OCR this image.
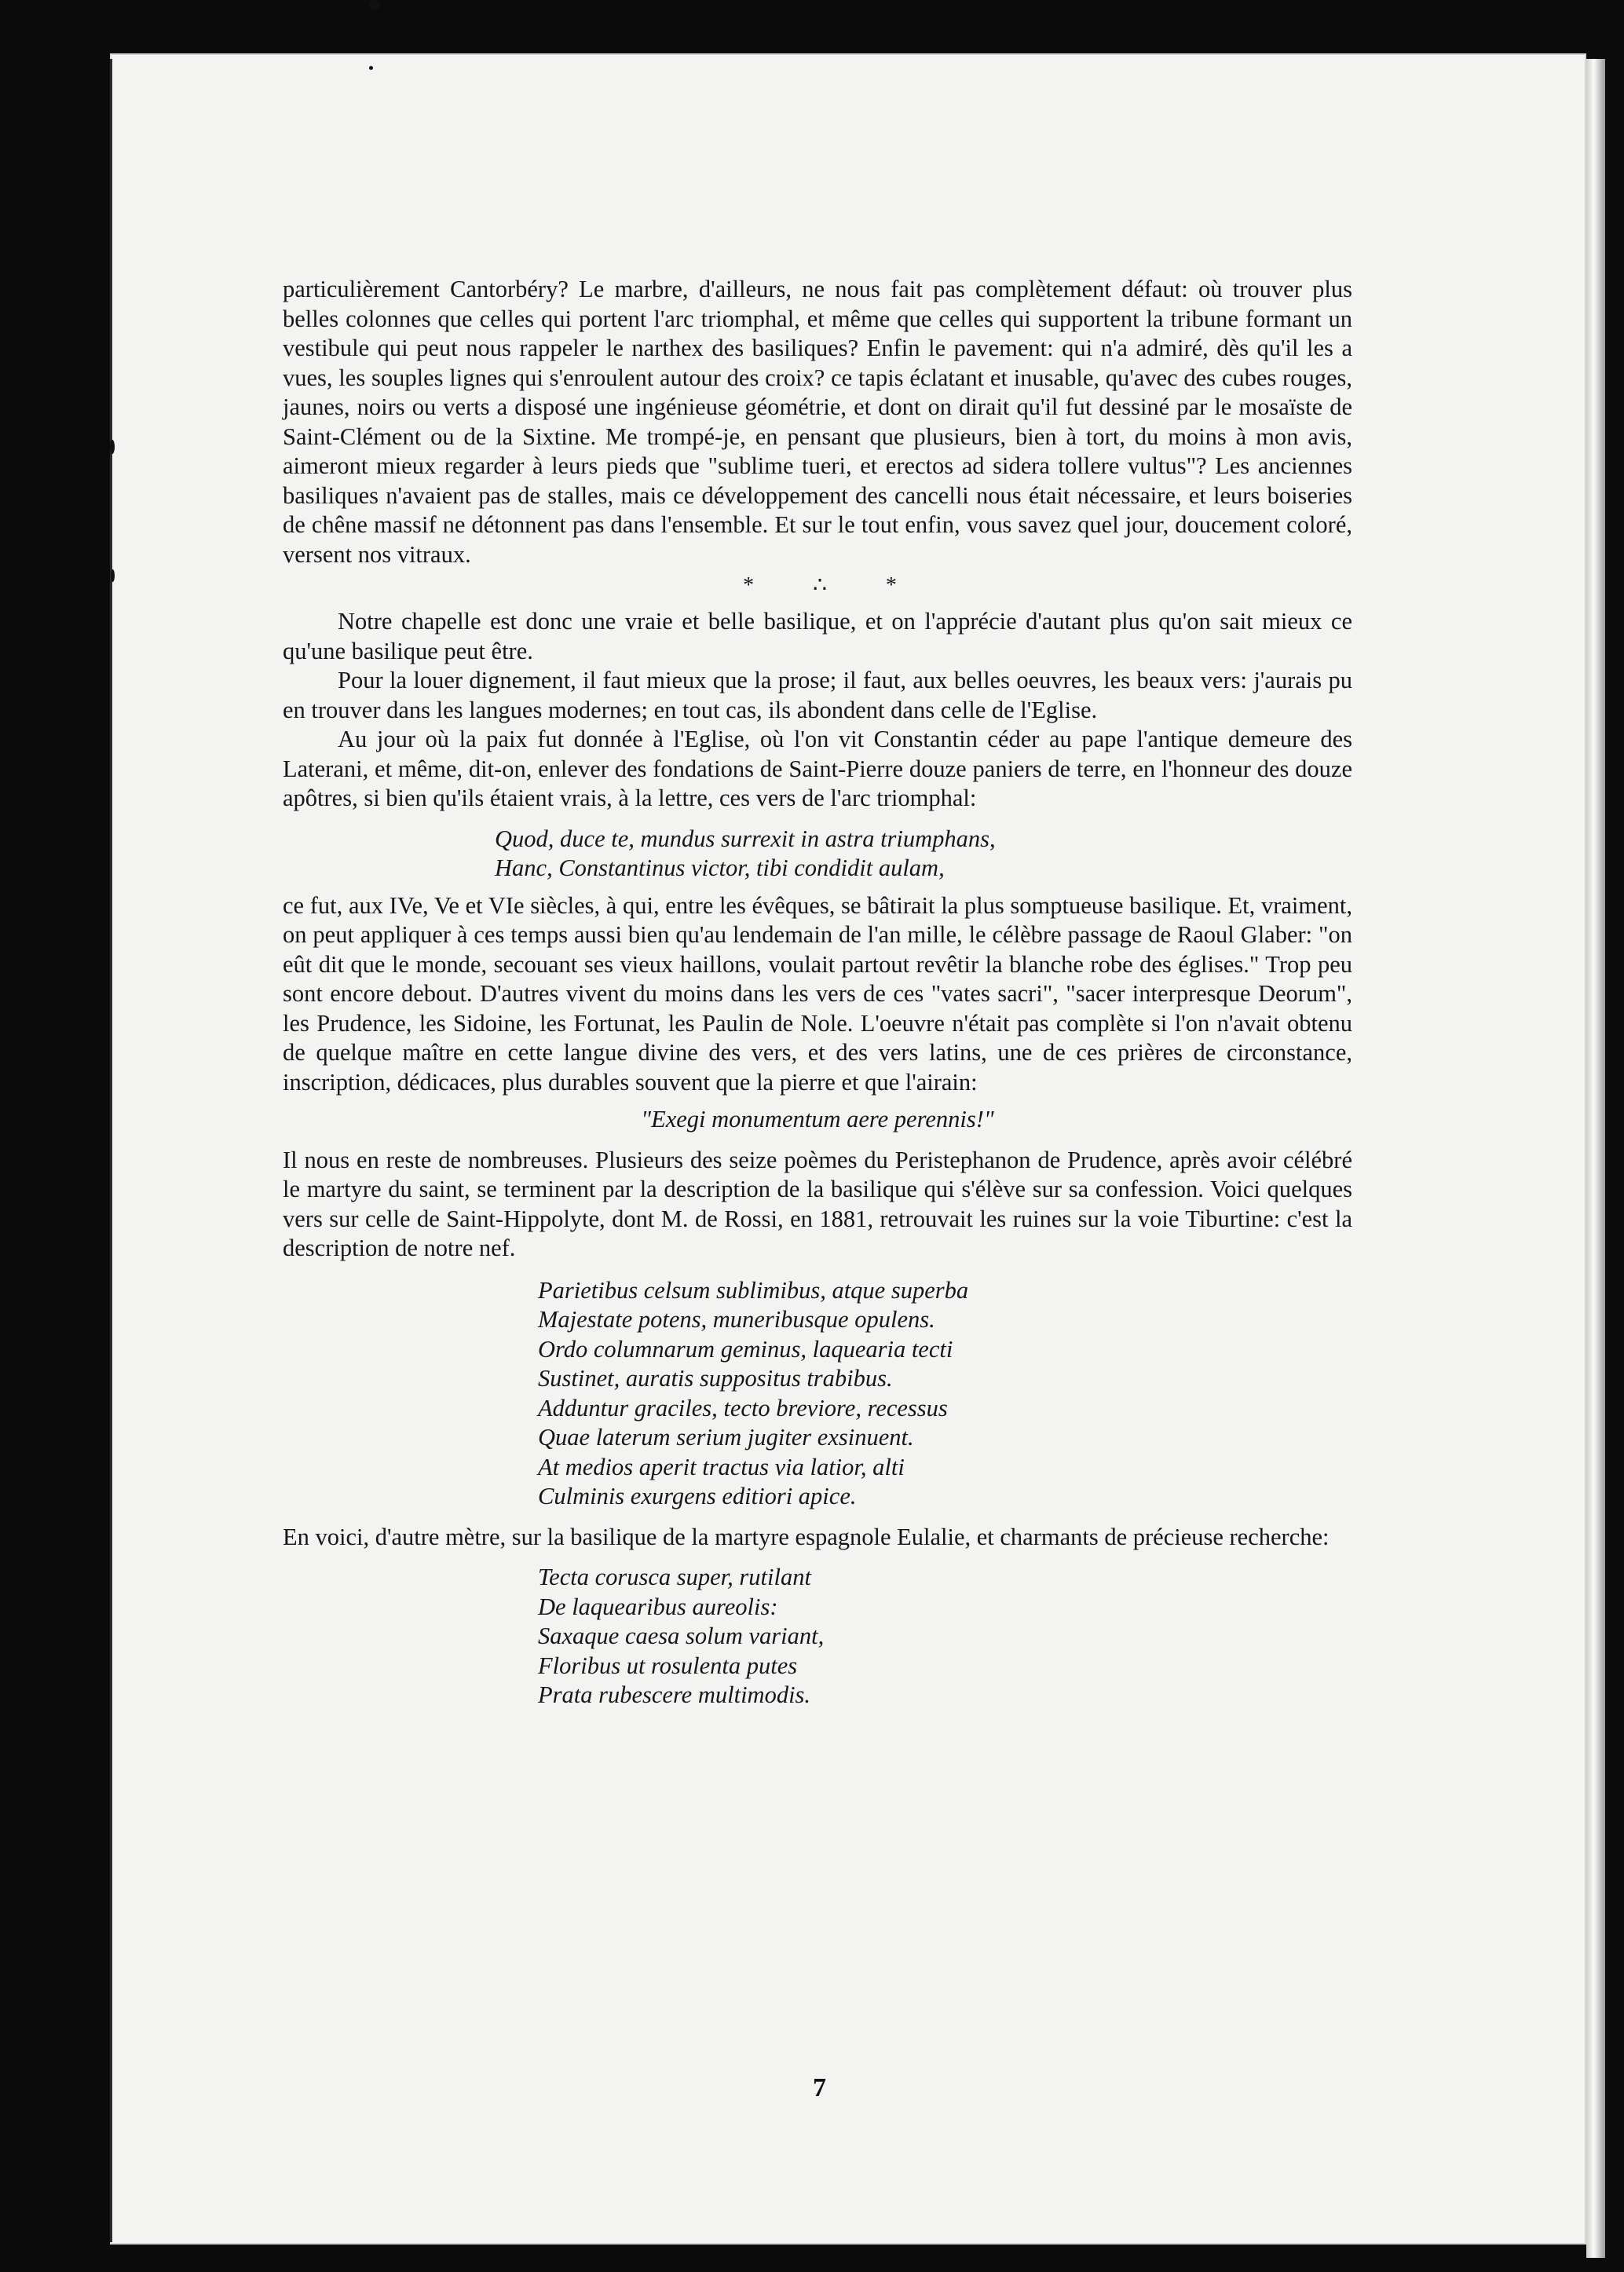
particulièrement Cantorbéry? Le marbre, d'ailleurs, ne nous fait pas complètement défaut: où trouver plus belles colonnes que celles qui portent l'arc triomphal, et même que celles qui supportent la tribune formant un vestibule qui peut nous rappeler le narthex des basiliques? Enfin le pavement: qui n'a admiré, dès qu'il les a vues, les souples lignes qui s'enroulent autour des croix? ce tapis éclatant et inusable, qu'avec des cubes rouges, jaunes, noirs ou verts a disposé une ingénieuse géométrie, et dont on dirait qu'il fut dessiné par le mosaïste de Saint-Clément ou de la Sixtine. Me trompé-je, en pensant que plusieurs, bien à tort, du moins à mon avis, aimeront mieux regarder à leurs pieds que "sublime tueri, et erectos ad sidera tollere vultus"? Les anciennes basiliques n'avaient pas de stalles, mais ce développement des cancelli nous était nécessaire, et leurs boiseries de chêne massif ne détonnent pas dans l'ensemble. Et sur le tout enfin, vous savez quel jour, doucement coloré, versent nos vitraux.

* ∴ *

Notre chapelle est donc une vraie et belle basilique, et on l'apprécie d'autant plus qu'on sait mieux ce qu'une basilique peut être.

Pour la louer dignement, il faut mieux que la prose; il faut, aux belles oeuvres, les beaux vers: j'aurais pu en trouver dans les langues modernes; en tout cas, ils abondent dans celle de l'Eglise.

Au jour où la paix fut donnée à l'Eglise, où l'on vit Constantin céder au pape l'antique demeure des Laterani, et même, dit-on, enlever des fondations de Saint-Pierre douze paniers de terre, en l'honneur des douze apôtres, si bien qu'ils étaient vrais, à la lettre, ces vers de l'arc triomphal:

Quod, duce te, mundus surrexit in astra triumphans,
Hanc, Constantinus victor, tibi condidit aulam,

ce fut, aux IVe, Ve et VIe siècles, à qui, entre les évêques, se bâtirait la plus somptueuse basilique. Et, vraiment, on peut appliquer à ces temps aussi bien qu'au lendemain de l'an mille, le célèbre passage de Raoul Glaber: "on eût dit que le monde, secouant ses vieux haillons, voulait partout revêtir la blanche robe des églises." Trop peu sont encore debout. D'autres vivent du moins dans les vers de ces "vates sacri", "sacer interpresque Deorum", les Prudence, les Sidoine, les Fortunat, les Paulin de Nole. L'oeuvre n'était pas complète si l'on n'avait obtenu de quelque maître en cette langue divine des vers, et des vers latins, une de ces prières de circonstance, inscription, dédicaces, plus durables souvent que la pierre et que l'airain:

"Exegi monumentum aere perennis!"

Il nous en reste de nombreuses. Plusieurs des seize poèmes du Peristephanon de Prudence, après avoir célébré le martyre du saint, se terminent par la description de la basilique qui s'élève sur sa confession. Voici quelques vers sur celle de Saint-Hippolyte, dont M. de Rossi, en 1881, retrouvait les ruines sur la voie Tiburtine: c'est la description de notre nef.

Parietibus celsum sublimibus, atque superba
Majestate potens, muneribusque opulens.
Ordo columnarum geminus, laquearia tecti
Sustinet, auratis suppositus trabibus.
Adduntur graciles, tecto breviore, recessus
Quae laterum serium jugiter exsinuent.
At medios aperit tractus via latior, alti
Culminis exurgens editiori apice.

En voici, d'autre mètre, sur la basilique de la martyre espagnole Eulalie, et charmants de précieuse recherche:

Tecta corusca super, rutilant
De laquearibus aureolis:
Saxaque caesa solum variant,
Floribus ut rosulenta putes
Prata rubescere multimodis.
7
